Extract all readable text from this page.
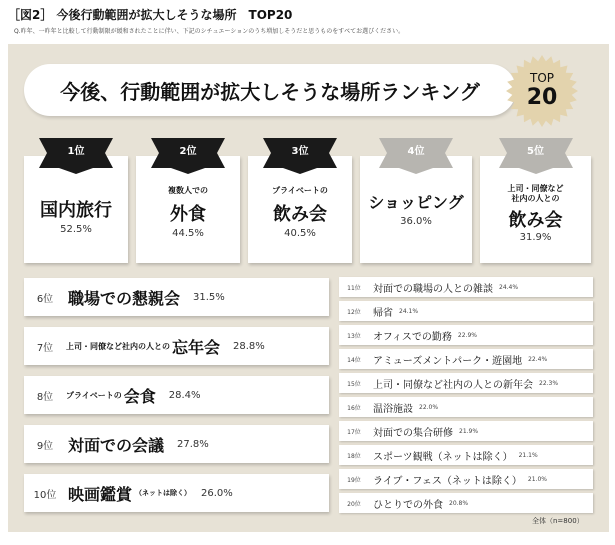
［図2］ 今後行動範囲が拡大しそうな場所　TOP20
Q.昨年、一昨年と比較して行動制限が緩和されたことに伴い、下記のシチュエーションのうち増加しそうだと思うものをすべてお選びください。
今後、行動範囲が拡大しそうな場所ランキング
TOP
20
1位
国内旅行
52.5%
2位
複数人での
外食
44.5%
3位
プライベートの
飲み会
40.5%
4位
ショッピング
36.0%
5位
上司・同僚など
社内の人との
飲み会
31.9%
6位 職場での懇親会 31.5%
7位	上司・同僚など社内の人との 忘年会 28.8%
8位	プライベートの 会食 28.4%
9位 対面での会議 27.8%
10位 映画鑑賞 （ネットは除く） 26.0%
11位	対面での職場の人との雑談 24.4%
12位	帰省 24.1%
13位	オフィスでの勤務 22.9%
14位	アミューズメントパーク・遊園地 22.4%
15位	上司・同僚など社内の人との新年会 22.3%
16位	温浴施設 22.0%
17位	対面での集合研修 21.9%
18位	スポーツ観戦（ネットは除く） 21.1%
19位	ライブ・フェス（ネットは除く） 21.0%
20位	ひとりでの外食 20.8%
全体（n=800）
